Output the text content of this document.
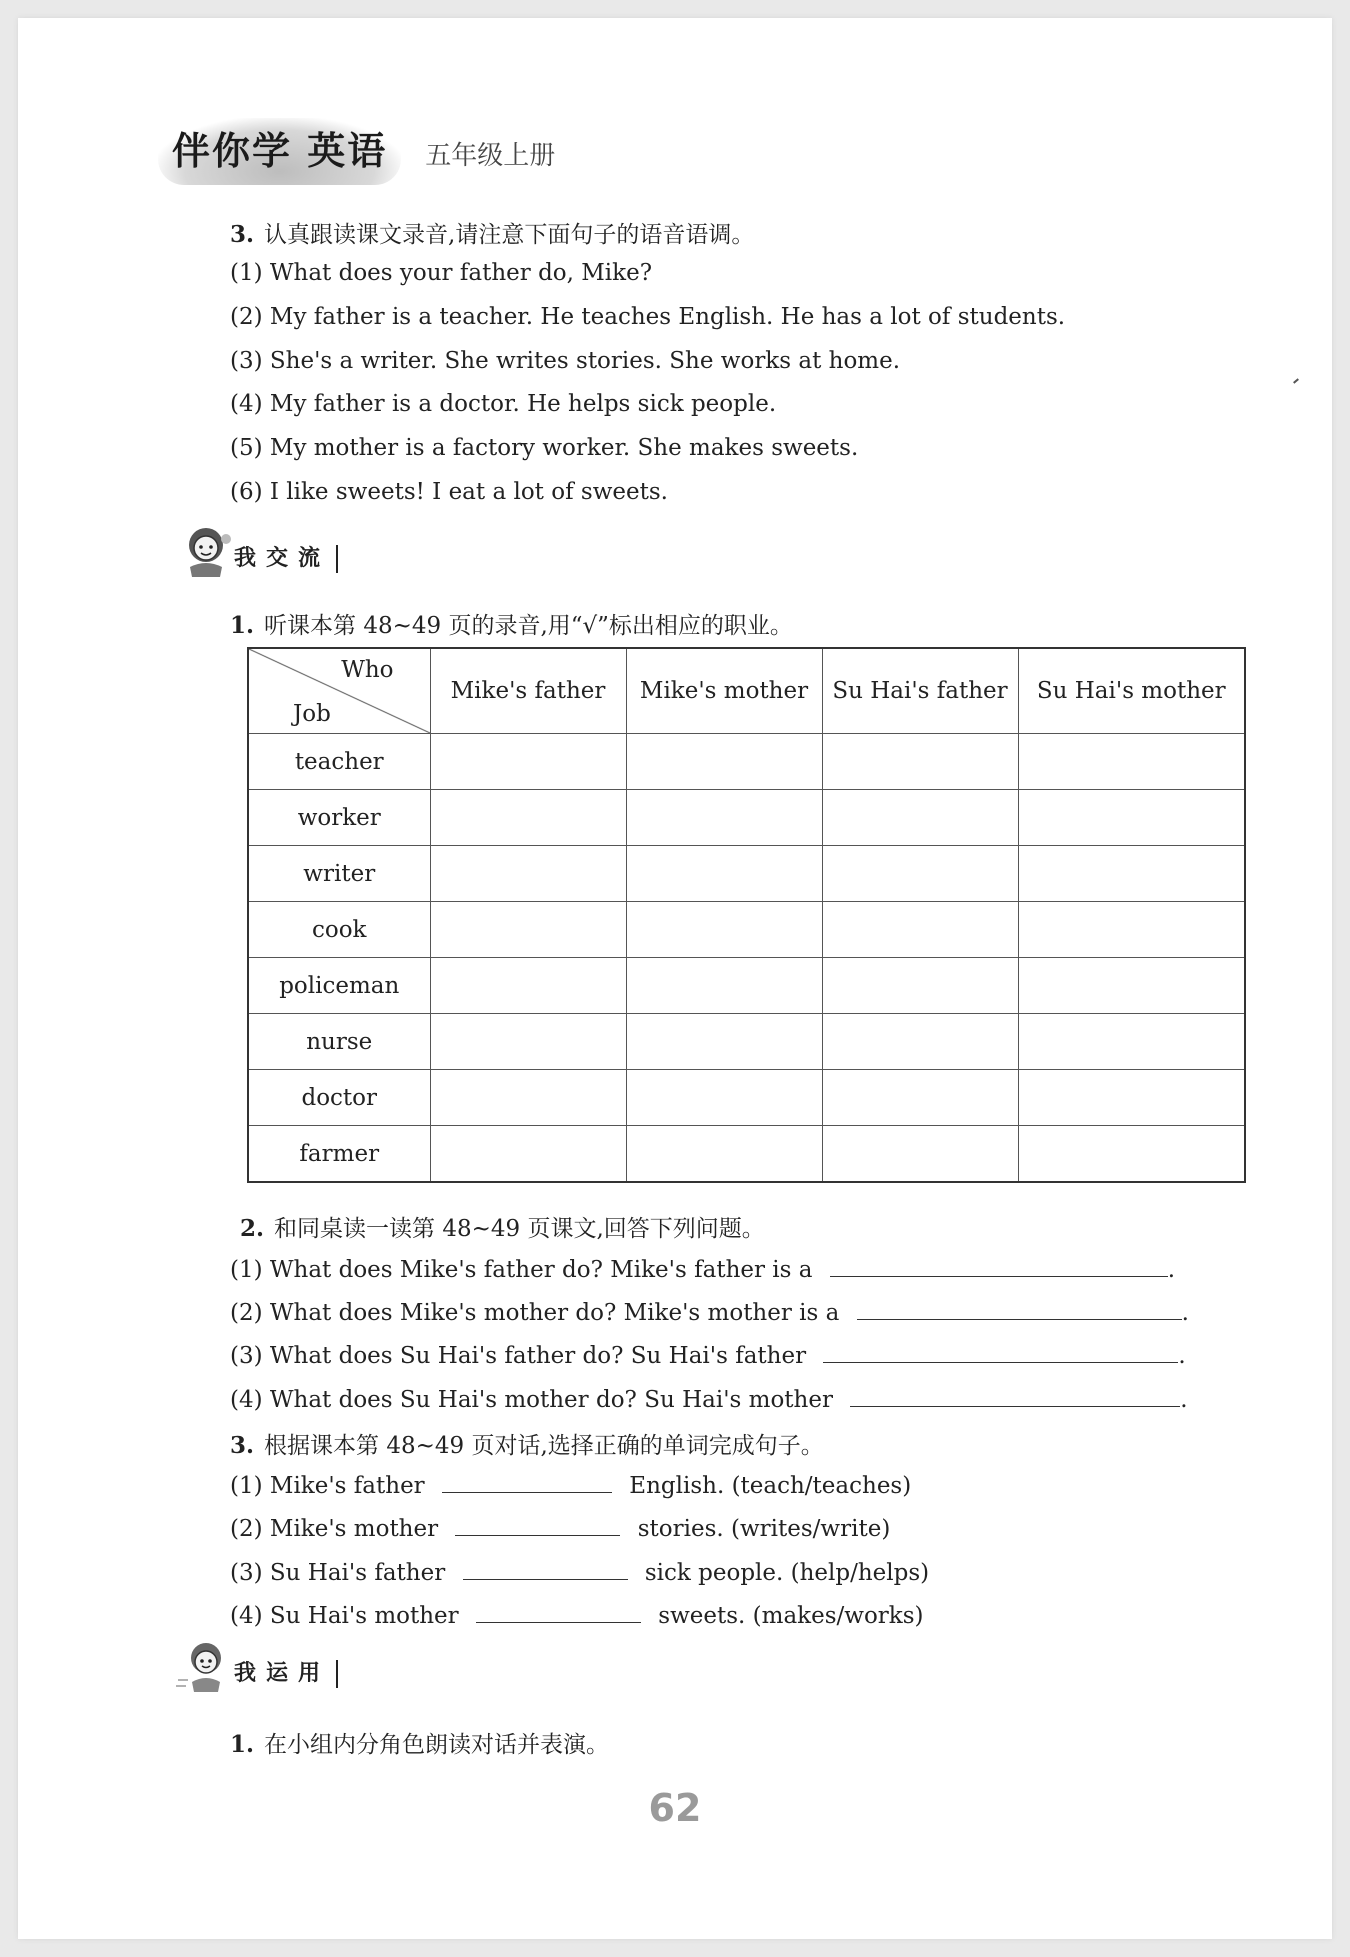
伴你学 英语	五年级上册
3. 认真跟读课文录音,请注意下面句子的语音语调。
(1) What does your father do, Mike?
(2) My father is a teacher. He teaches English. He has a lot of students.
(3) She's a writer. She writes stories. She works at home.
(4) My father is a doctor. He helps sick people.
(5) My mother is a factory worker. She makes sweets.
(6) I like sweets! I eat a lot of sweets.
我交流
1. 听课本第 48~49 页的录音,用“√”标出相应的职业。
Who
Job	Mike's father	Mike's mother	Su Hai's father	Su Hai's mother
teacher				
worker				
writer				
cook				
policeman				
nurse				
doctor				
farmer				
2. 和同桌读一读第 48~49 页课文,回答下列问题。
(1) What does Mike's father do? Mike's father is a	.
(2) What does Mike's mother do? Mike's mother is a	.
(3) What does Su Hai's father do? Su Hai's father	.
(4) What does Su Hai's mother do? Su Hai's mother	.
3. 根据课本第 48~49 页对话,选择正确的单词完成句子。
(1) Mike's father	English. (teach/teaches)
(2) Mike's mother	stories. (writes/write)
(3) Su Hai's father	sick people. (help/helps)
(4) Su Hai's mother	sweets. (makes/works)
我运用
1. 在小组内分角色朗读对话并表演。
62
